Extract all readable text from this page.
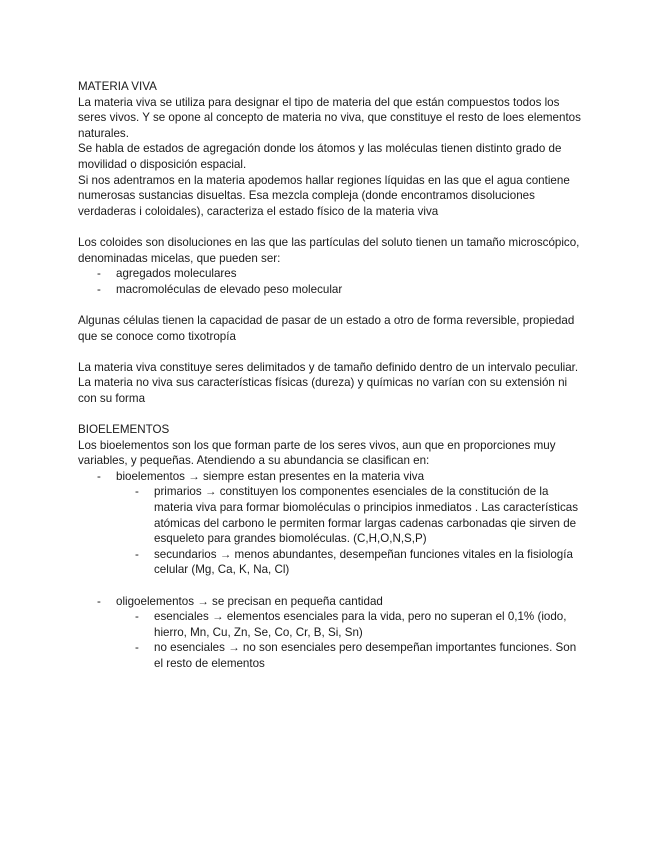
MATERIA VIVA

La materia viva se utiliza para designar el tipo de materia del que están compuestos todos los seres vivos. Y se opone al concepto de materia no viva, que constituye el resto de loes elementos naturales.

Se habla de estados de agregación donde los átomos y las moléculas tienen distinto grado de movilidad o disposición espacial.

Si nos adentramos en la materia apodemos hallar regiones líquidas en las que el agua contiene numerosas sustancias disueltas. Esa mezcla compleja (donde encontramos disoluciones verdaderas i coloidales), caracteriza el estado físico de la materia viva

Los coloides son disoluciones en las que las partículas del soluto tienen un tamaño microscópico, denominadas micelas, que pueden ser:

- agregados moleculares
- macromoléculas de elevado peso molecular

Algunas células tienen la capacidad de pasar de un estado a otro de forma reversible, propiedad que se conoce como tixotropía

La materia viva constituye seres delimitados y de tamaño definido dentro de un intervalo peculiar.

La materia no viva sus características físicas (dureza) y químicas no varían con su extensión ni con su forma

BIOELEMENTOS

Los bioelementos son los que forman parte de los seres vivos, aun que en proporciones muy variables, y pequeñas. Atendiendo a su abundancia se clasifican en:

- bioelementos → siempre estan presentes en la materia viva
- primarios → constituyen los componentes esenciales de la constitución de la materia viva para formar biomoléculas o principios inmediatos . Las características atómicas del carbono le permiten formar largas cadenas carbonadas qie sirven de esqueleto para grandes biomoléculas. (C,H,O,N,S,P)
- secundarios → menos abundantes, desempeñan funciones vitales en la fisiología celular (Mg, Ca, K, Na, Cl)
- oligoelementos → se precisan en pequeña cantidad
- esenciales → elementos esenciales para la vida, pero no superan el 0,1% (iodo, hierro, Mn, Cu, Zn, Se, Co, Cr, B, Si, Sn)
- no esenciales → no son esenciales pero desempeñan importantes funciones. Son el resto de elementos
